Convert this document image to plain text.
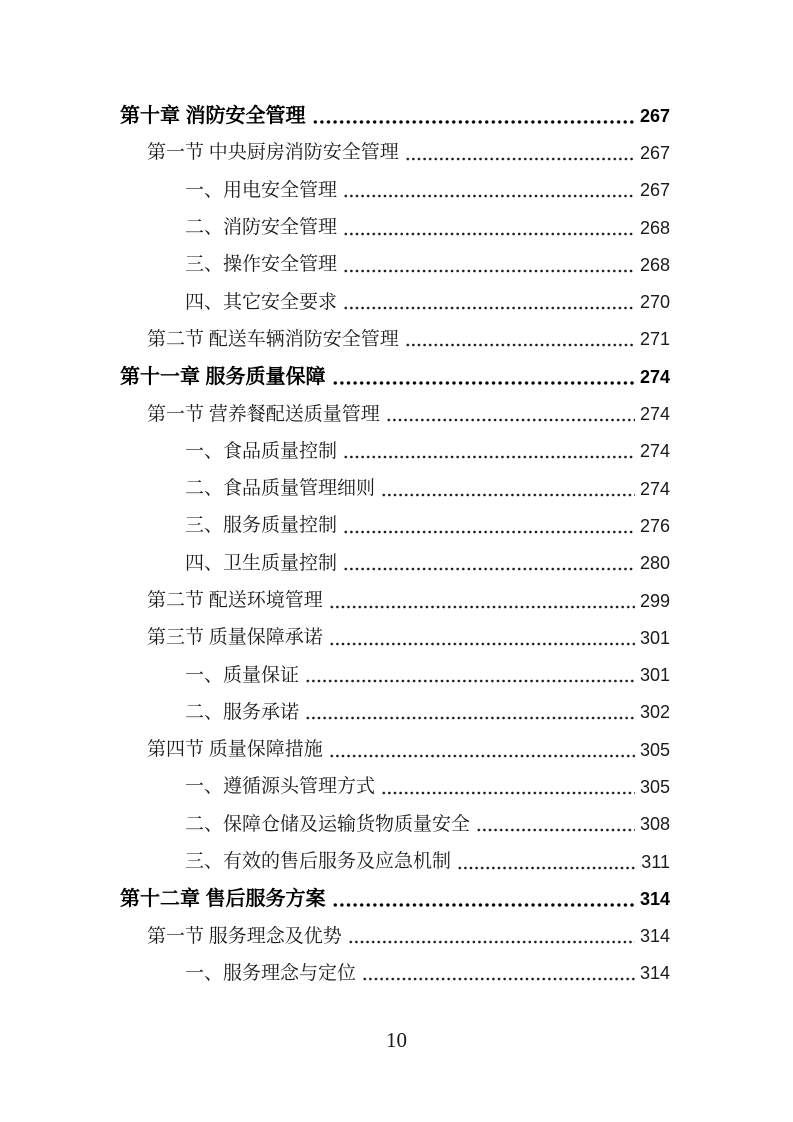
第十章 消防安全管理	267
第一节 中央厨房消防安全管理	267
一、用电安全管理	267
二、消防安全管理	268
三、操作安全管理	268
四、其它安全要求	270
第二节 配送车辆消防安全管理	271
第十一章 服务质量保障	274
第一节 营养餐配送质量管理	274
一、食品质量控制	274
二、食品质量管理细则	274
三、服务质量控制	276
四、卫生质量控制	280
第二节 配送环境管理	299
第三节 质量保障承诺	301
一、质量保证	301
二、服务承诺	302
第四节 质量保障措施	305
一、遵循源头管理方式	305
二、保障仓储及运输货物质量安全	308
三、有效的售后服务及应急机制	311
第十二章 售后服务方案	314
第一节 服务理念及优势	314
一、服务理念与定位	314
10
